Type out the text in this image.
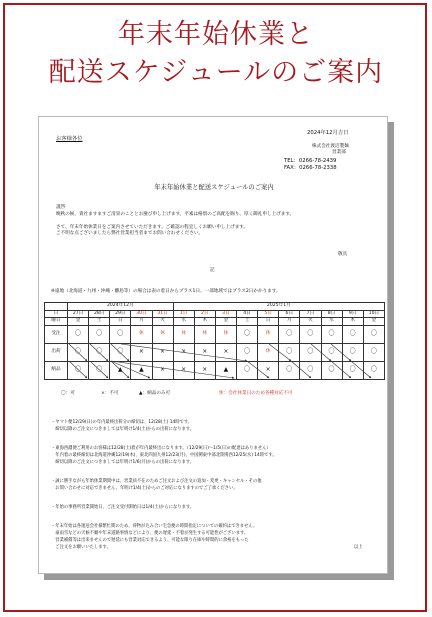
年末年始休業と
配送スケジュールのご案内
お客様各位
2024年12月吉日
株式会社渡辺製麺
営業部
TEL：0266-78-2439
FAX：0266-78-2338
年末年始休業と配送スケジュールのご案内
謹啓
晩秋の候、貴社ますますご清栄のこととお慶び申し上げます。平素は格別のご高配を賜り、厚く御礼申し上げます。
さて、年末年始休業日をご案内させていただきます。ご確認の程宜しくお願い申し上げます。
ご不明な点ございましたら弊社営業担当者までお問い合わせください。
敬具
記
※遠地（北海道・九州・沖縄・離島等）の場合は表の着日からプラス1日、一部地域ではプラス2日かかります。
	2024年12月					2025年1月									
日	27日	28日	29日	30日	31日	1日	2日	3日	4日	5日	6日	7日	8日	9日	10日
曜日	金	土	日	月	火	水	木	金	土	日	月	火	水	木	金
受注	〇	〇	〇	休	休	休	休	休	〇	休	〇	〇	〇	〇	〇
出荷	〇	〇	〇	×	×	×	×	×	〇	休	〇	〇	〇	〇	〇
納品	〇	〇	▲	▲	×	×	×	▲	〇	×	〇	〇	〇	〇	〇
〇：可	×：不可	▲：納品のみ可	休：会社休業日のため各種対応不可
・ヤマト便12/29(日)の年内最終出荷分の締切は、12/28(土) 14時です。
　締切以降のご注文につきましては年明け1/4(土)からの出荷になります。
・東海西濃便ご利用のお客様は12/28(土)着が年内最終出になります。（12/29(日)～1/5(日)の配達はありません）
　年内着の最終締切は北海道沖縄12/19(木)、東北四国九州12/23(月)、中国関東中部北陸関西12/25(水) 14時です。
　締切以降のご注文につきましては年明け1/6(月)からの出荷になります。
・誠に勝手ながら年始休業期間中は、営業員不在のためご注文および注文の追加・変更・キャンセル・その他
　お問い合わせに対応できません。年明け1/4(土)からのご対応になりますのでご了承ください。
・年始の事務所営業開始日、ご注文受付開始日は1/4(土)からになります。
・年末年始は各運送会社様繁忙期のため、荷物が込み合い宅急便の時間指定についての確約はできません。
　豪雨雪などの天候不順や年末道路事情などにより、便の遅延・不着が発生する可能性がございます。
　営業補償等は出来ませんので遅延にも営業対応できるよう、可能な限り在庫や時間的に余裕をもった
　ご注文をお願いいたします。	以上
